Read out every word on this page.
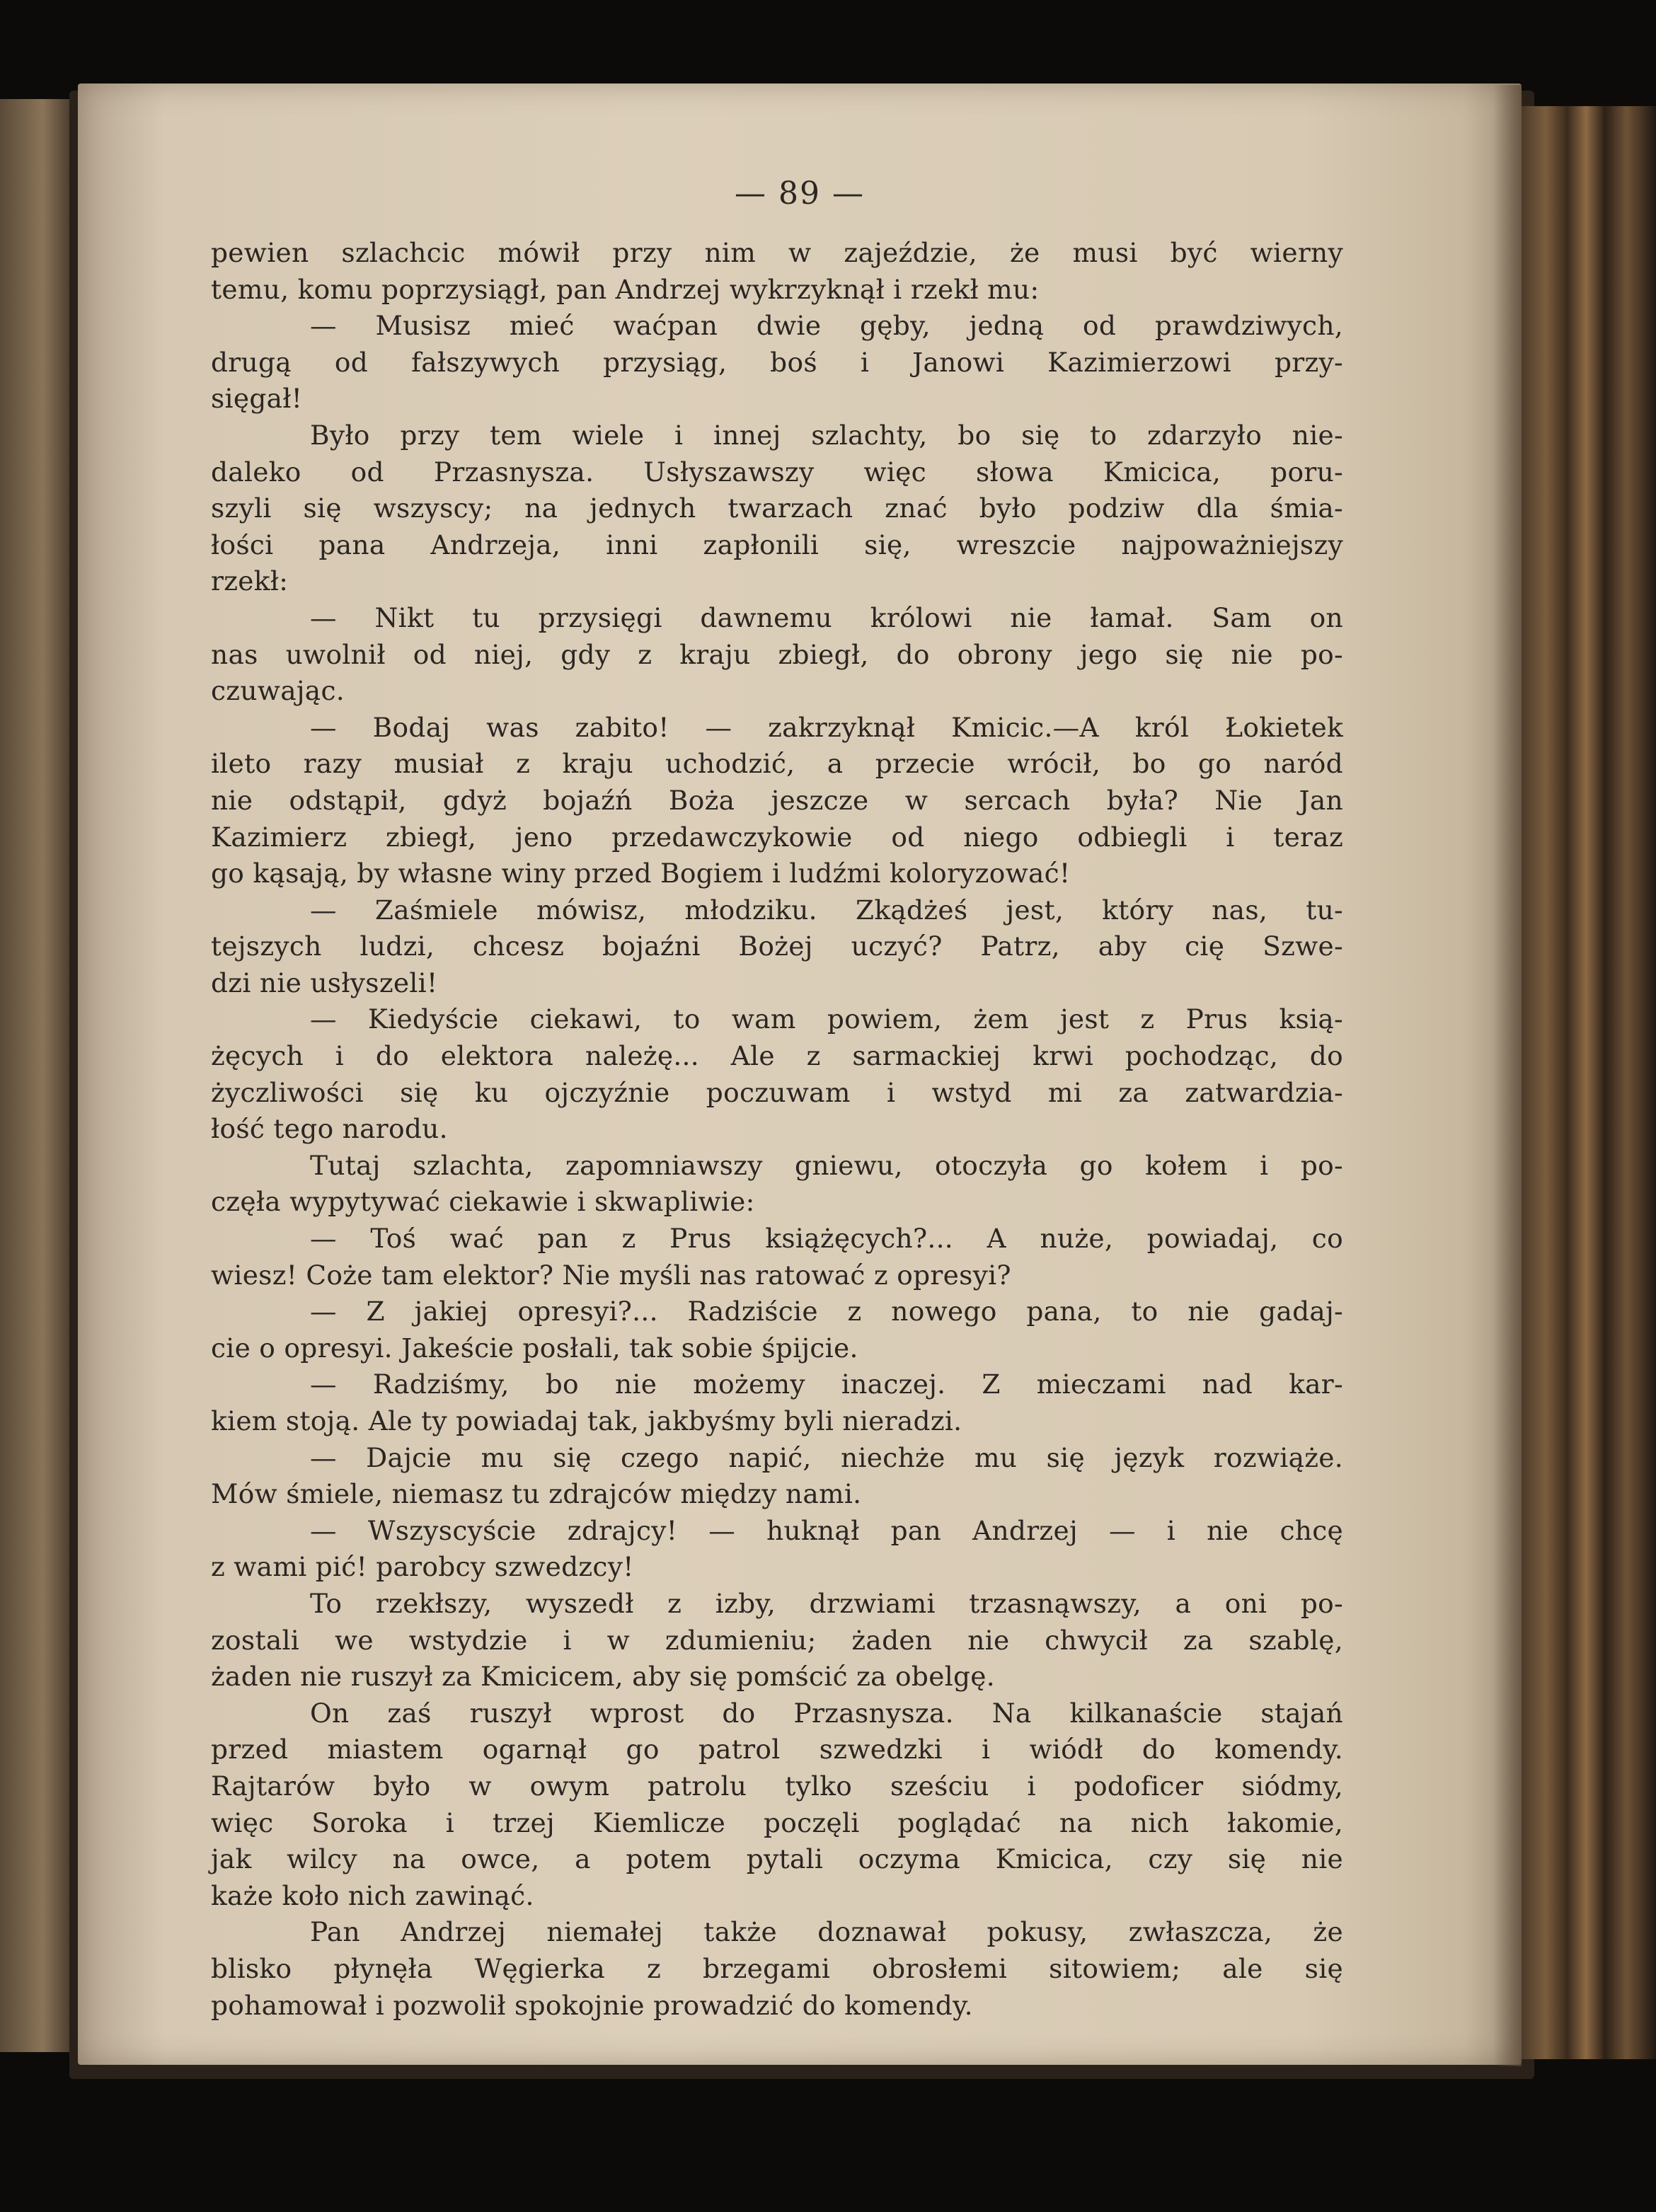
— 89 —
pewien szlachcic mówił przy nim w zajeździe, że musi być wierny
temu, komu poprzysiągł, pan Andrzej wykrzyknął i rzekł mu:
— Musisz mieć waćpan dwie gęby, jedną od prawdziwych,
drugą od fałszywych przysiąg, boś i Janowi Kazimierzowi przy-
sięgał!
Było przy tem wiele i innej szlachty, bo się to zdarzyło nie-
daleko od Przasnysza. Usłyszawszy więc słowa Kmicica, poru-
szyli się wszyscy; na jednych twarzach znać było podziw dla śmia-
łości pana Andrzeja, inni zapłonili się, wreszcie najpoważniejszy
rzekł:
— Nikt tu przysięgi dawnemu królowi nie łamał. Sam on
nas uwolnił od niej, gdy z kraju zbiegł, do obrony jego się nie po-
czuwając.
— Bodaj was zabito! — zakrzyknął Kmicic.—A król Łokietek
ileto razy musiał z kraju uchodzić, a przecie wrócił, bo go naród
nie odstąpił, gdyż bojaźń Boża jeszcze w sercach była? Nie Jan
Kazimierz zbiegł, jeno przedawczykowie od niego odbiegli i teraz
go kąsają, by własne winy przed Bogiem i ludźmi koloryzować!
— Zaśmiele mówisz, młodziku. Zkądżeś jest, który nas, tu-
tejszych ludzi, chcesz bojaźni Bożej uczyć? Patrz, aby cię Szwe-
dzi nie usłyszeli!
— Kiedyście ciekawi, to wam powiem, żem jest z Prus ksią-
żęcych i do elektora należę... Ale z sarmackiej krwi pochodząc, do
życzliwości się ku ojczyźnie poczuwam i wstyd mi za zatwardzia-
łość tego narodu.
Tutaj szlachta, zapomniawszy gniewu, otoczyła go kołem i po-
częła wypytywać ciekawie i skwapliwie:
— Toś wać pan z Prus książęcych?... A nuże, powiadaj, co
wiesz! Coże tam elektor? Nie myśli nas ratować z opresyi?
— Z jakiej opresyi?... Radziście z nowego pana, to nie gadaj-
cie o opresyi. Jakeście posłali, tak sobie śpijcie.
— Radziśmy, bo nie możemy inaczej. Z mieczami nad kar-
kiem stoją. Ale ty powiadaj tak, jakbyśmy byli nieradzi.
— Dajcie mu się czego napić, niechże mu się język rozwiąże.
Mów śmiele, niemasz tu zdrajców między nami.
— Wszyscyście zdrajcy! — huknął pan Andrzej — i nie chcę
z wami pić! parobcy szwedzcy!
To rzekłszy, wyszedł z izby, drzwiami trzasnąwszy, a oni po-
zostali we wstydzie i w zdumieniu; żaden nie chwycił za szablę,
żaden nie ruszył za Kmicicem, aby się pomścić za obelgę.
On zaś ruszył wprost do Przasnysza. Na kilkanaście stajań
przed miastem ogarnął go patrol szwedzki i wiódł do komendy.
Rajtarów było w owym patrolu tylko sześciu i podoficer siódmy,
więc Soroka i trzej Kiemlicze poczęli poglądać na nich łakomie,
jak wilcy na owce, a potem pytali oczyma Kmicica, czy się nie
każe koło nich zawinąć.
Pan Andrzej niemałej także doznawał pokusy, zwłaszcza, że
blisko płynęła Węgierka z brzegami obrosłemi sitowiem; ale się
pohamował i pozwolił spokojnie prowadzić do komendy.
